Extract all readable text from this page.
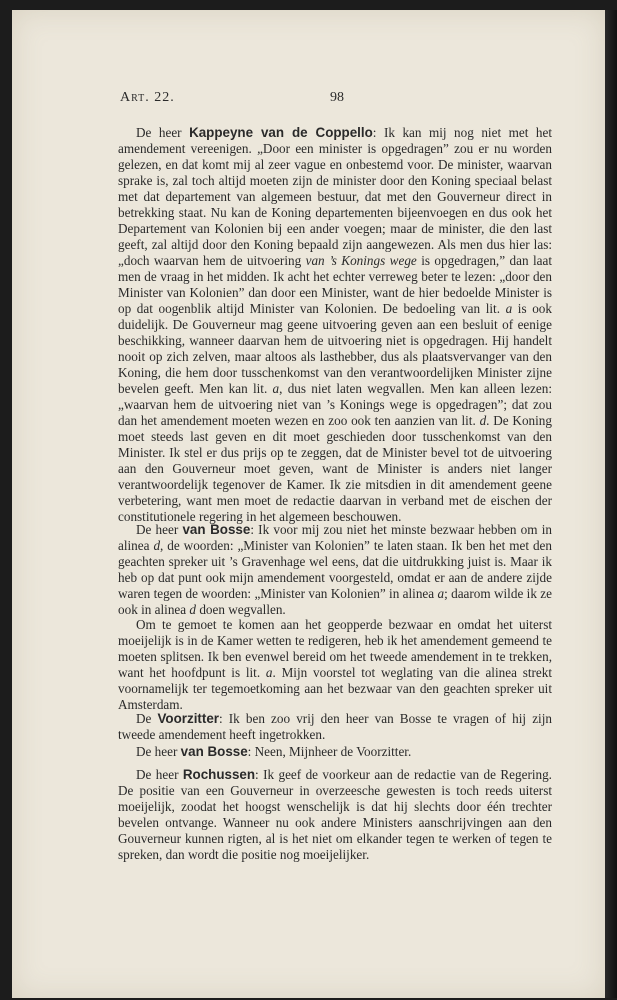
Art. 22.	98

De heer Kappeyne van de Coppello: Ik kan mij nog niet met het amendement vereenigen. „Door een minister is opgedragen” zou er nu worden gelezen, en dat komt mij al zeer vague en onbestemd voor. De minister, waarvan sprake is, zal toch altijd moeten zijn de minister door den Koning speciaal belast met dat departement van algemeen bestuur, dat met den Gouverneur direct in betrekking staat. Nu kan de Koning departementen bijeenvoegen en dus ook het Departement van Kolonien bij een ander voegen; maar de minister, die den last geeft, zal altijd door den Koning bepaald zijn aangewezen. Als men dus hier las: „doch waarvan hem de uitvoering van ’s Konings wege is opgedragen,” dan laat men de vraag in het midden. Ik acht het echter verreweg beter te lezen: „door den Minister van Kolonien” dan door een Minister, want de hier bedoelde Minister is op dat oogenblik altijd Minister van Kolonien. De bedoeling van lit. a is ook duidelijk. De Gouverneur mag geene uitvoering geven aan een besluit of eenige beschikking, wanneer daarvan hem de uitvoering niet is opgedragen. Hij handelt nooit op zich zelven, maar altoos als lasthebber, dus als plaatsvervanger van den Koning, die hem door tusschenkomst van den verantwoordelijken Minister zijne bevelen geeft. Men kan lit. a, dus niet laten wegvallen. Men kan alleen lezen: „waarvan hem de uitvoering niet van ’s Konings wege is opgedragen”; dat zou dan het amendement moeten wezen en zoo ook ten aanzien van lit. d. De Koning moet steeds last geven en dit moet geschieden door tusschenkomst van den Minister. Ik stel er dus prijs op te zeggen, dat de Minister bevel tot de uitvoering aan den Gouverneur moet geven, want de Minister is anders niet langer verantwoordelijk tegenover de Kamer. Ik zie mitsdien in dit amendement geene verbetering, want men moet de redactie daarvan in verband met de eischen der constitutionele regering in het algemeen beschouwen.

De heer van Bosse: Ik voor mij zou niet het minste bezwaar hebben om in alinea d, de woorden: „Minister van Kolonien” te laten staan. Ik ben het met den geachten spreker uit ’s Gravenhage wel eens, dat die uitdrukking juist is. Maar ik heb op dat punt ook mijn amendement voorgesteld, omdat er aan de andere zijde waren tegen de woorden: „Minister van Kolonien” in alinea a; daarom wilde ik ze ook in alinea d doen wegvallen.

Om te gemoet te komen aan het geopperde bezwaar en omdat het uiterst moeijelijk is in de Kamer wetten te redigeren, heb ik het amendement gemeend te moeten splitsen. Ik ben evenwel bereid om het tweede amendement in te trekken, want het hoofdpunt is lit. a. Mijn voorstel tot weglating van die alinea strekt voornamelijk ter tegemoetkoming aan het bezwaar van den geachten spreker uit Amsterdam.

De Voorzitter: Ik ben zoo vrij den heer van Bosse te vragen of hij zijn tweede amendement heeft ingetrokken.

De heer van Bosse: Neen, Mijnheer de Voorzitter.

De heer Rochussen: Ik geef de voorkeur aan de redactie van de Regering. De positie van een Gouverneur in overzeesche gewesten is toch reeds uiterst moeijelijk, zoodat het hoogst wenschelijk is dat hij slechts door één trechter bevelen ontvange. Wanneer nu ook andere Ministers aanschrijvingen aan den Gouverneur kunnen rigten, al is het niet om elkander tegen te werken of tegen te spreken, dan wordt die positie nog moeijelijker.
